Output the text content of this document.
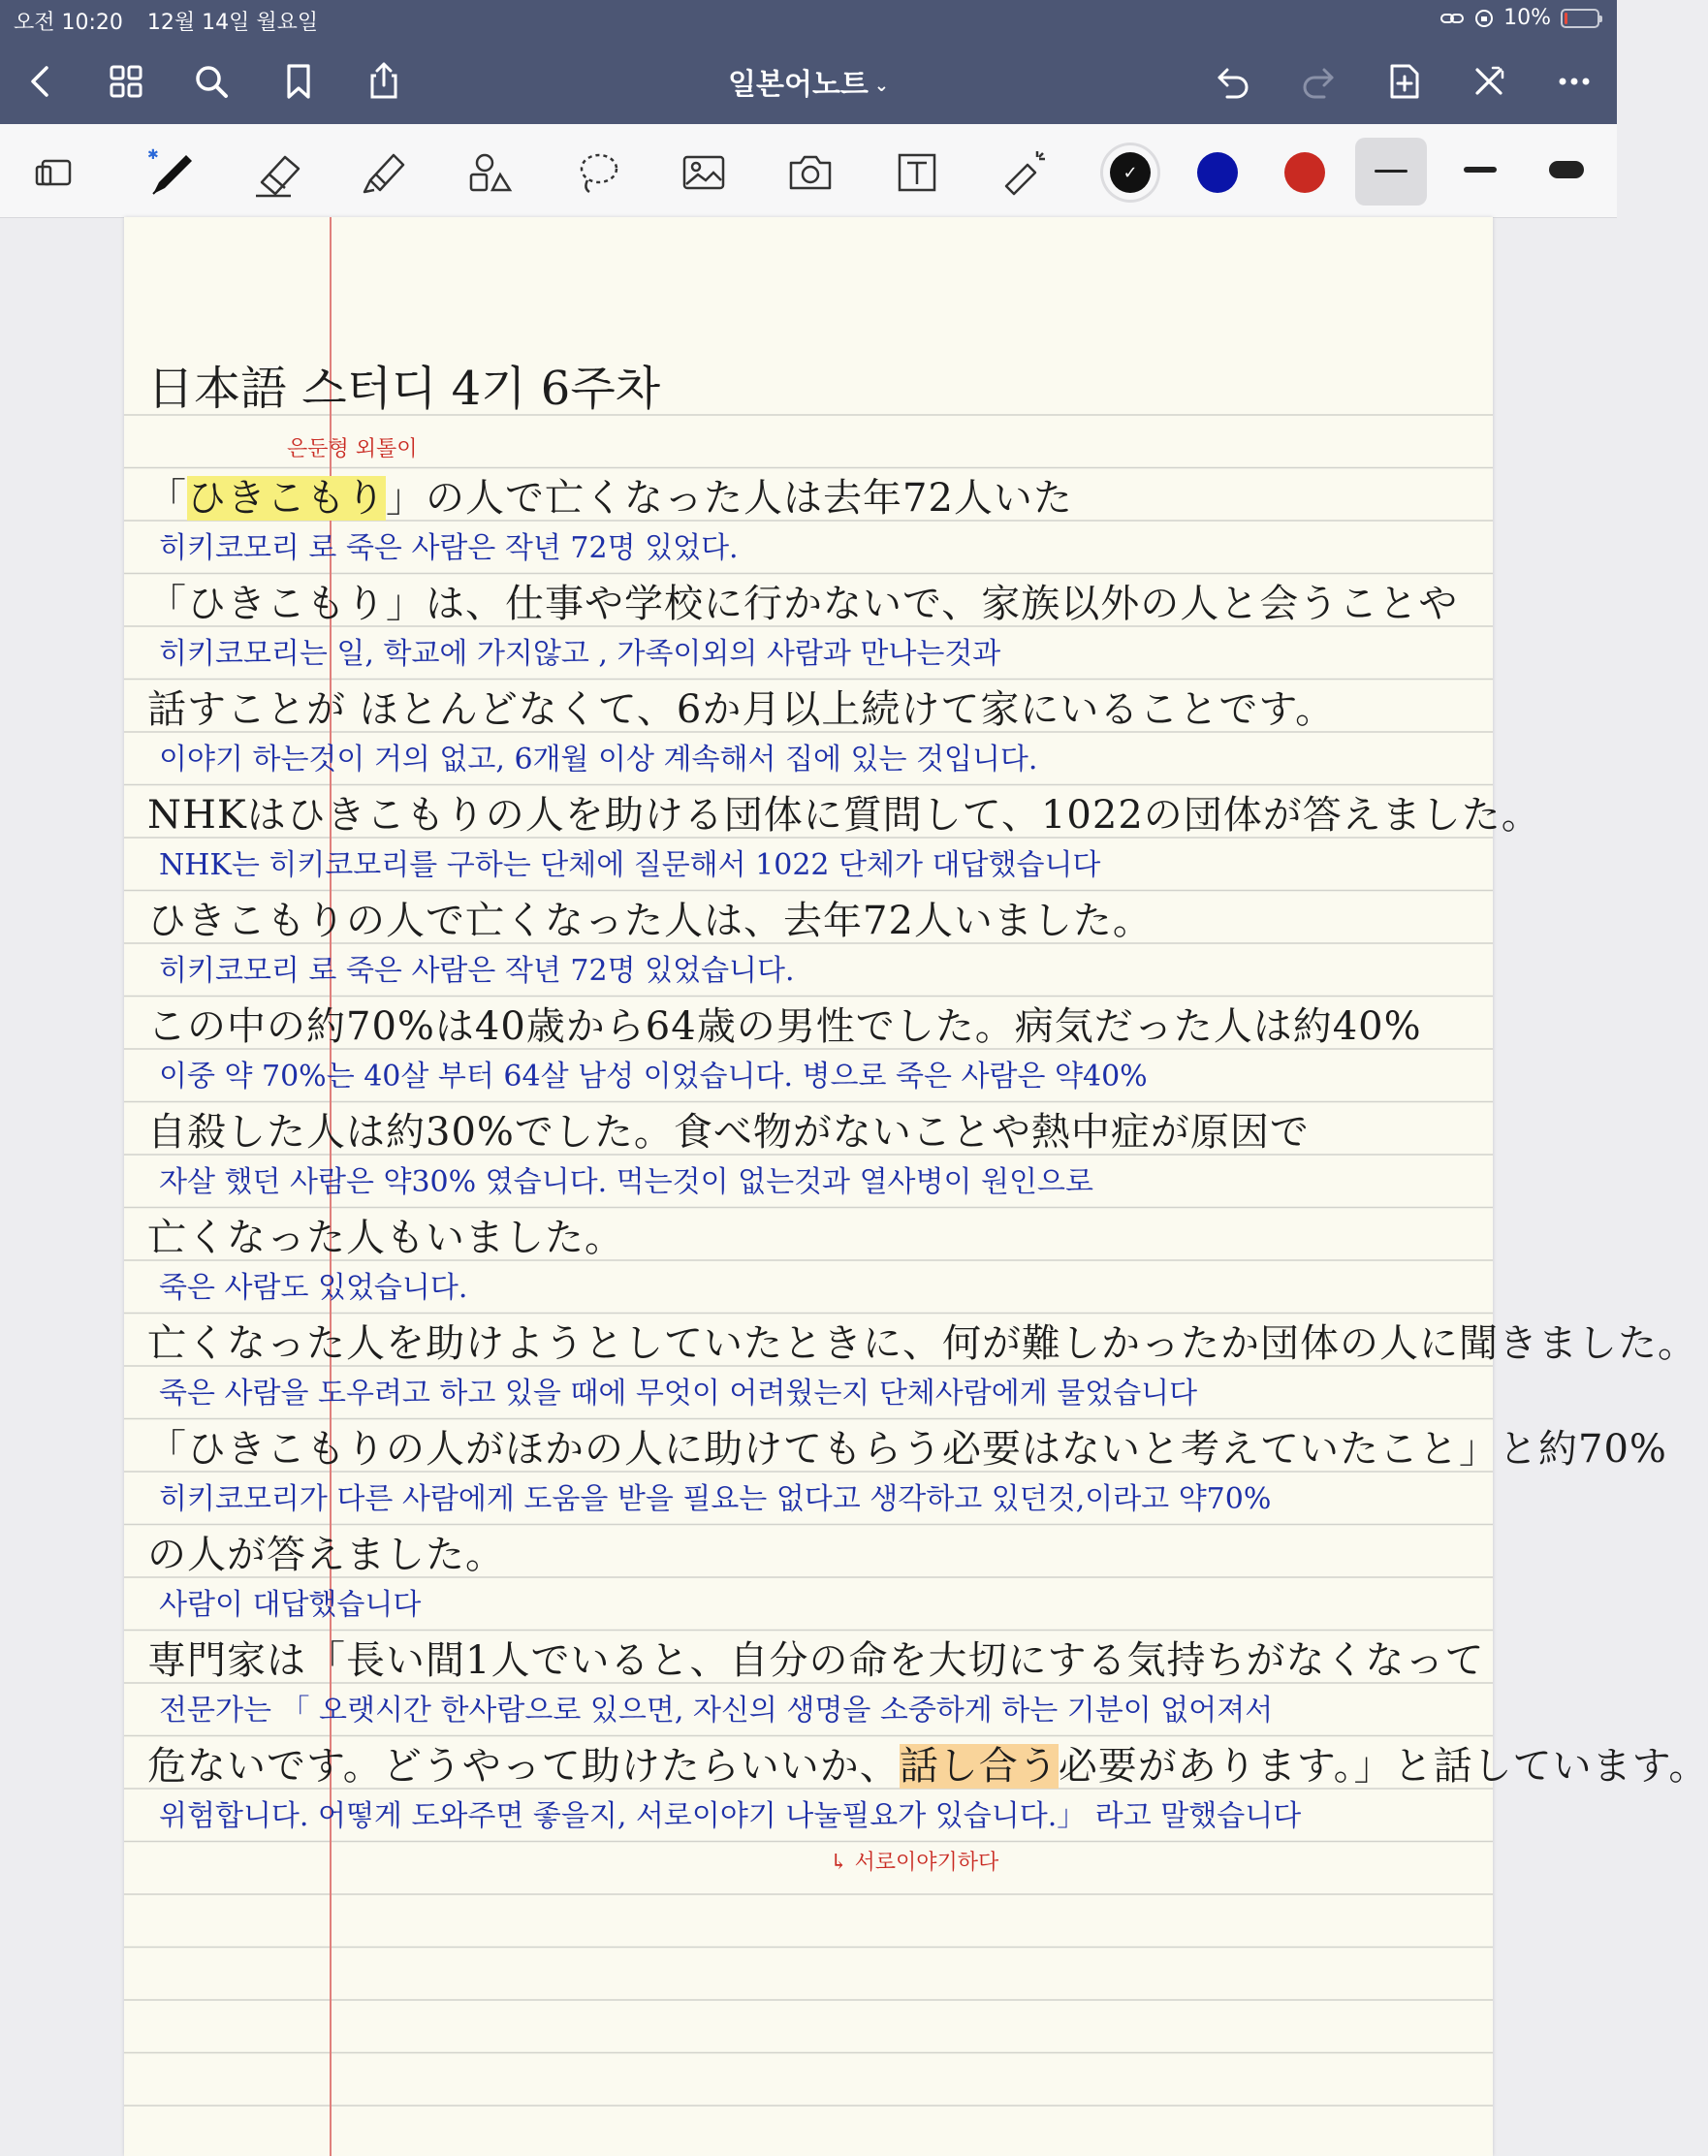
오전 10:20 12월 14일 월요일	10%
일본어노트 ⌄
✱
✓
日本語 스터디 4기 6주차
은둔형 외톨이
「ひきこもり」の人で亡くなった人は去年72人いた
히키코모리 로 죽은 사람은 작년 72명 있었다.
「ひきこもり」は、仕事や学校に行かないで、家族以外の人と会うことや
히키코모리는 일, 학교에 가지않고 , 가족이외의 사람과 만나는것과
話すことが ほとんどなくて、6か月以上続けて家にいることです。
이야기 하는것이 거의 없고, 6개월 이상 계속해서 집에 있는 것입니다.
NHKはひきこもりの人を助ける団体に質問して、1022の団体が答えました。
NHK는 히키코모리를 구하는 단체에 질문해서 1022 단체가 대답했습니다
ひきこもりの人で亡くなった人は、去年72人いました。
히키코모리 로 죽은 사람은 작년 72명 있었습니다.
この中の約70%は40歳から64歳の男性でした。病気だった人は約40%
이중 약 70%는 40살 부터 64살 남성 이었습니다. 병으로 죽은 사람은 약40%
自殺した人は約30%でした。食べ物がないことや熱中症が原因で
자살 했던 사람은 약30% 였습니다. 먹는것이 없는것과 열사병이 원인으로
亡くなった人もいました。
죽은 사람도 있었습니다.
亡くなった人を助けようとしていたときに、何が難しかったか団体の人に聞きました。
죽은 사람을 도우려고 하고 있을 때에 무엇이 어려웠는지 단체사람에게 물었습니다
「ひきこもりの人がほかの人に助けてもらう必要はないと考えていたこと」と約70%
히키코모리가 다른 사람에게 도움을 받을 필요는 없다고 생각하고 있던것,이라고 약70%
の人が答えました。
사람이 대답했습니다
専門家は「長い間1人でいると、自分の命を大切にする気持ちがなくなって
전문가는 「 오랫시간 한사람으로 있으면, 자신의 생명을 소중하게 하는 기분이 없어져서
危ないです。どうやって助けたらいいか、話し合う必要があります。」と話しています。
위험합니다. 어떻게 도와주면 좋을지, 서로이야기 나눌필요가 있습니다.」 라고 말했습니다
↳ 서로이야기하다
